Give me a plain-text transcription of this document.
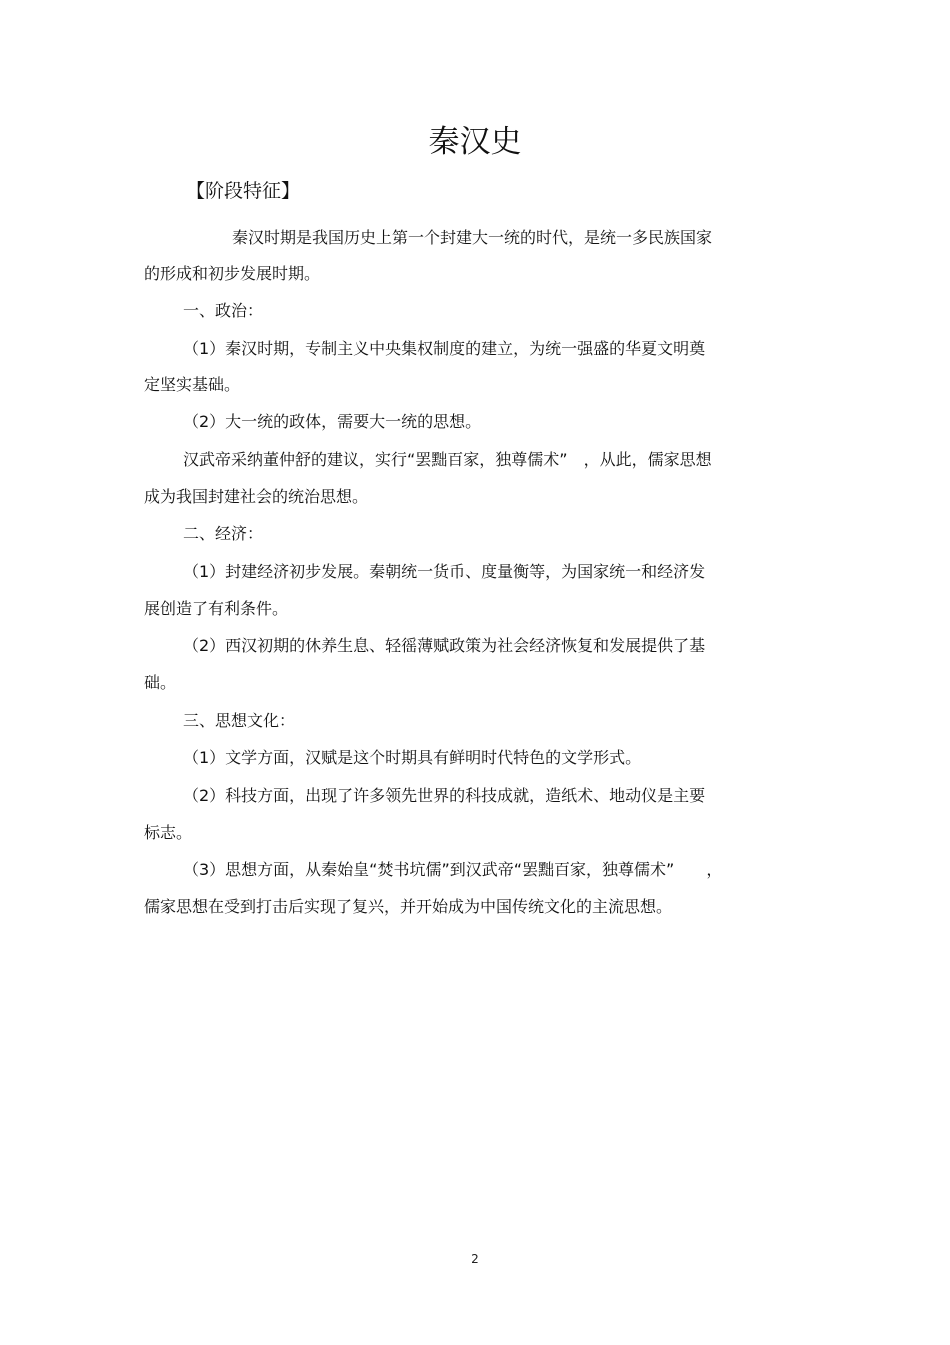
秦汉史
【阶段特征】
秦汉时期是我国历史上第一个封建大一统的时代，是统一多民族国家
的形成和初步发展时期。
一、政治：
（1）秦汉时期，专制主义中央集权制度的建立，为统一强盛的华夏文明奠
定坚实基础。
（2）大一统的政体，需要大一统的思想。
汉武帝采纳董仲舒的建议，实行“罢黜百家，独尊儒术”　，从此，儒家思想
成为我国封建社会的统治思想。
二、经济：
（1）封建经济初步发展。秦朝统一货币、度量衡等，为国家统一和经济发
展创造了有利条件。
（2）西汉初期的休养生息、轻徭薄赋政策为社会经济恢复和发展提供了基
础。
三、思想文化：
（1）文学方面，汉赋是这个时期具有鲜明时代特色的文学形式。
（2）科技方面，出现了许多领先世界的科技成就，造纸术、地动仪是主要
标志。
（3）思想方面，从秦始皇“焚书坑儒”到汉武帝“罢黜百家，独尊儒术”　　，
儒家思想在受到打击后实现了复兴，并开始成为中国传统文化的主流思想。
2
